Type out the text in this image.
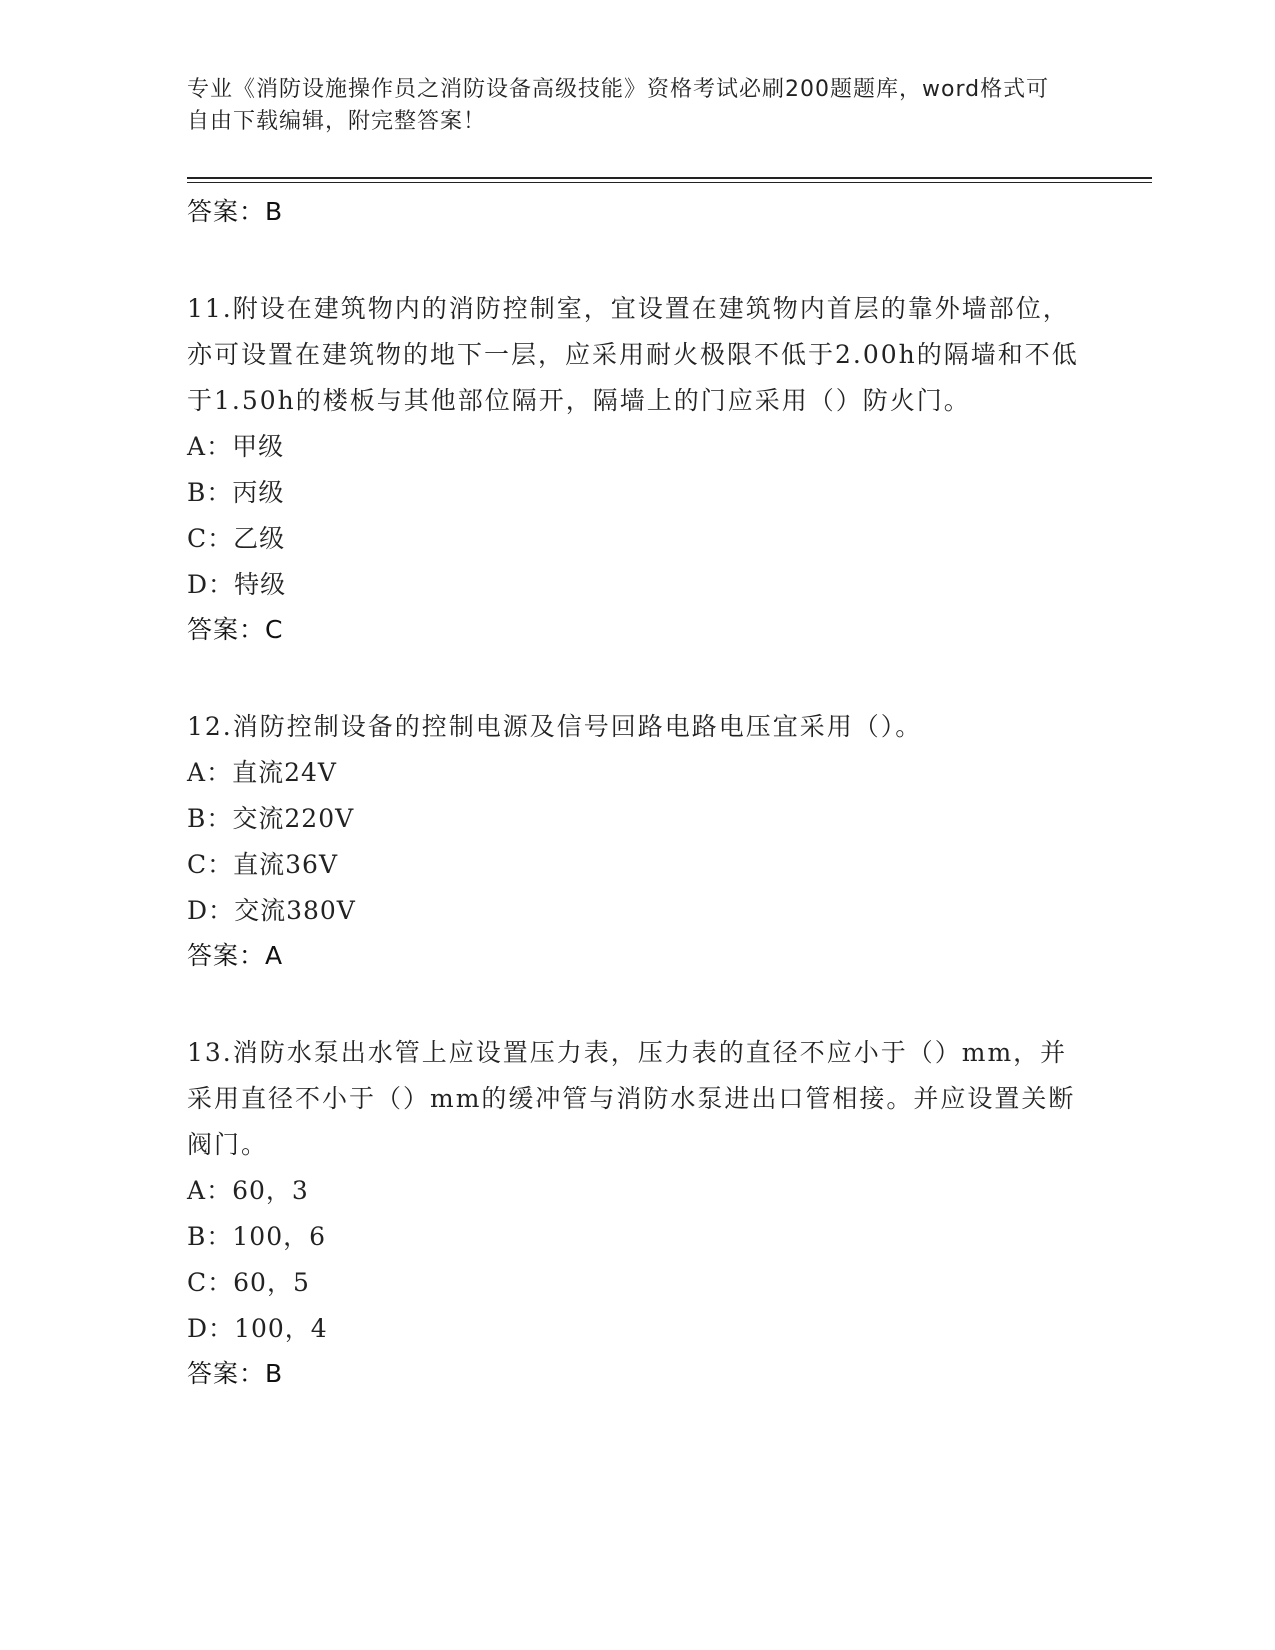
专业《消防设施操作员之消防设备高级技能》资格考试必刷200题题库，word格式可自由下载编辑，附完整答案！
答案：B
11.附设在建筑物内的消防控制室，宜设置在建筑物内首层的靠外墙部位，亦可设置在建筑物的地下一层，应采用耐火极限不低于2.00h的隔墙和不低于1.50h的楼板与其他部位隔开，隔墙上的门应采用（）防火门。
A：甲级
B：丙级
C：乙级
D：特级
答案：C
12.消防控制设备的控制电源及信号回路电路电压宜采用（）。
A：直流24V
B：交流220V
C：直流36V
D：交流380V
答案：A
13.消防水泵出水管上应设置压力表，压力表的直径不应小于（）mm，并采用直径不小于（）mm的缓冲管与消防水泵进出口管相接。并应设置关断阀门。
A：60，3
B：100，6
C：60，5
D：100，4
答案：B
